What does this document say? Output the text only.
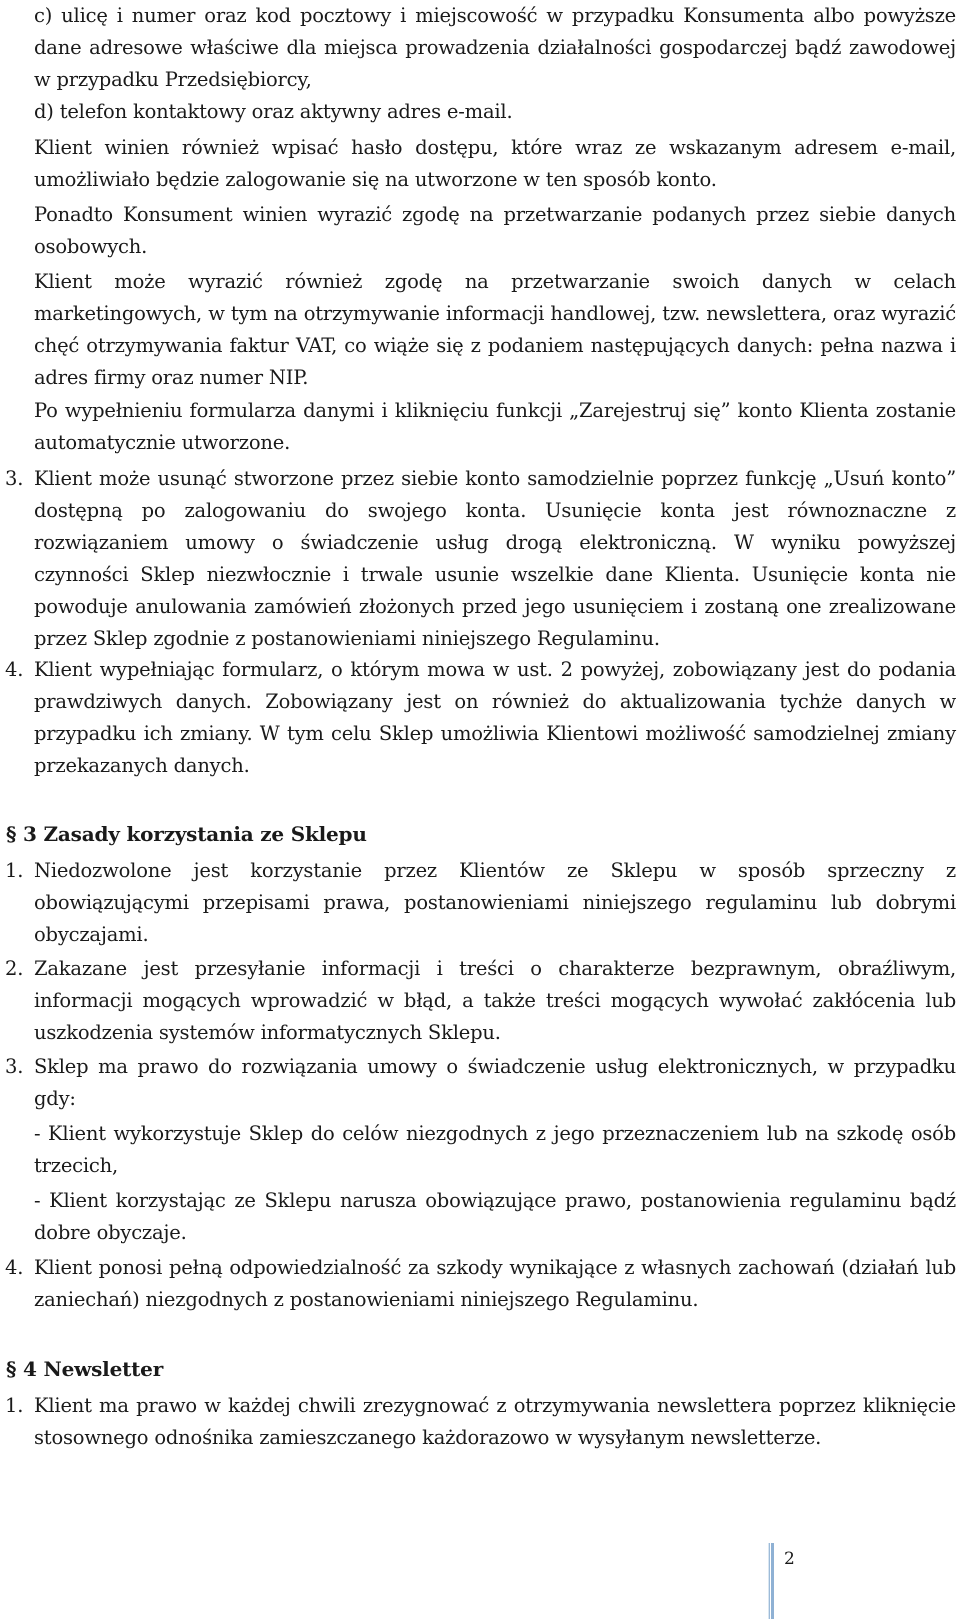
c) ulicę i numer oraz kod pocztowy i miejscowość w przypadku Konsumenta albo powyższe dane adresowe właściwe dla miejsca prowadzenia działalności gospodarczej bądź zawodowej w przypadku Przedsiębiorcy,

d) telefon kontaktowy oraz aktywny adres e-mail.

Klient winien również wpisać hasło dostępu, które wraz ze wskazanym adresem e-mail, umożliwiało będzie zalogowanie się na utworzone w ten sposób konto.

Ponadto Konsument winien wyrazić zgodę na przetwarzanie podanych przez siebie danych osobowych.

Klient może wyrazić również zgodę na przetwarzanie swoich danych w celach marketingowych, w tym na otrzymywanie informacji handlowej, tzw. newslettera, oraz wyrazić chęć otrzymywania faktur VAT, co wiąże się z podaniem następujących danych: pełna nazwa i adres firmy oraz numer NIP.

Po wypełnieniu formularza danymi i kliknięciu funkcji „Zarejestruj się” konto Klienta zostanie automatycznie utworzone.

3. Klient może usunąć stworzone przez siebie konto samodzielnie poprzez funkcję „Usuń konto” dostępną po zalogowaniu do swojego konta. Usunięcie konta jest równoznaczne z rozwiązaniem umowy o świadczenie usług drogą elektroniczną. W wyniku powyższej czynności Sklep niezwłocznie i trwale usunie wszelkie dane Klienta. Usunięcie konta nie powoduje anulowania zamówień złożonych przed jego usunięciem i zostaną one zrealizowane przez Sklep zgodnie z postanowieniami niniejszego Regulaminu.

4. Klient wypełniając formularz, o którym mowa w ust. 2 powyżej, zobowiązany jest do podania prawdziwych danych. Zobowiązany jest on również do aktualizowania tychże danych w przypadku ich zmiany. W tym celu Sklep umożliwia Klientowi możliwość samodzielnej zmiany przekazanych danych.

§ 3 Zasady korzystania ze Sklepu
1. Niedozwolone jest korzystanie przez Klientów ze Sklepu w sposób sprzeczny z obowiązującymi przepisami prawa, postanowieniami niniejszego regulaminu lub dobrymi obyczajami.

2. Zakazane jest przesyłanie informacji i treści o charakterze bezprawnym, obraźliwym, informacji mogących wprowadzić w błąd, a także treści mogących wywołać zakłócenia lub uszkodzenia systemów informatycznych Sklepu.

3. Sklep ma prawo do rozwiązania umowy o świadczenie usług elektronicznych, w przypadku gdy:

- Klient wykorzystuje Sklep do celów niezgodnych z jego przeznaczeniem lub na szkodę osób trzecich,

- Klient korzystając ze Sklepu narusza obowiązujące prawo, postanowienia regulaminu bądź dobre obyczaje.

4. Klient ponosi pełną odpowiedzialność za szkody wynikające z własnych zachowań (działań lub zaniechań) niezgodnych z postanowieniami niniejszego Regulaminu.

§ 4 Newsletter
1. Klient ma prawo w każdej chwili zrezygnować z otrzymywania newslettera poprzez kliknięcie stosownego odnośnika zamieszczanego każdorazowo w wysyłanym newsletterze.

2
